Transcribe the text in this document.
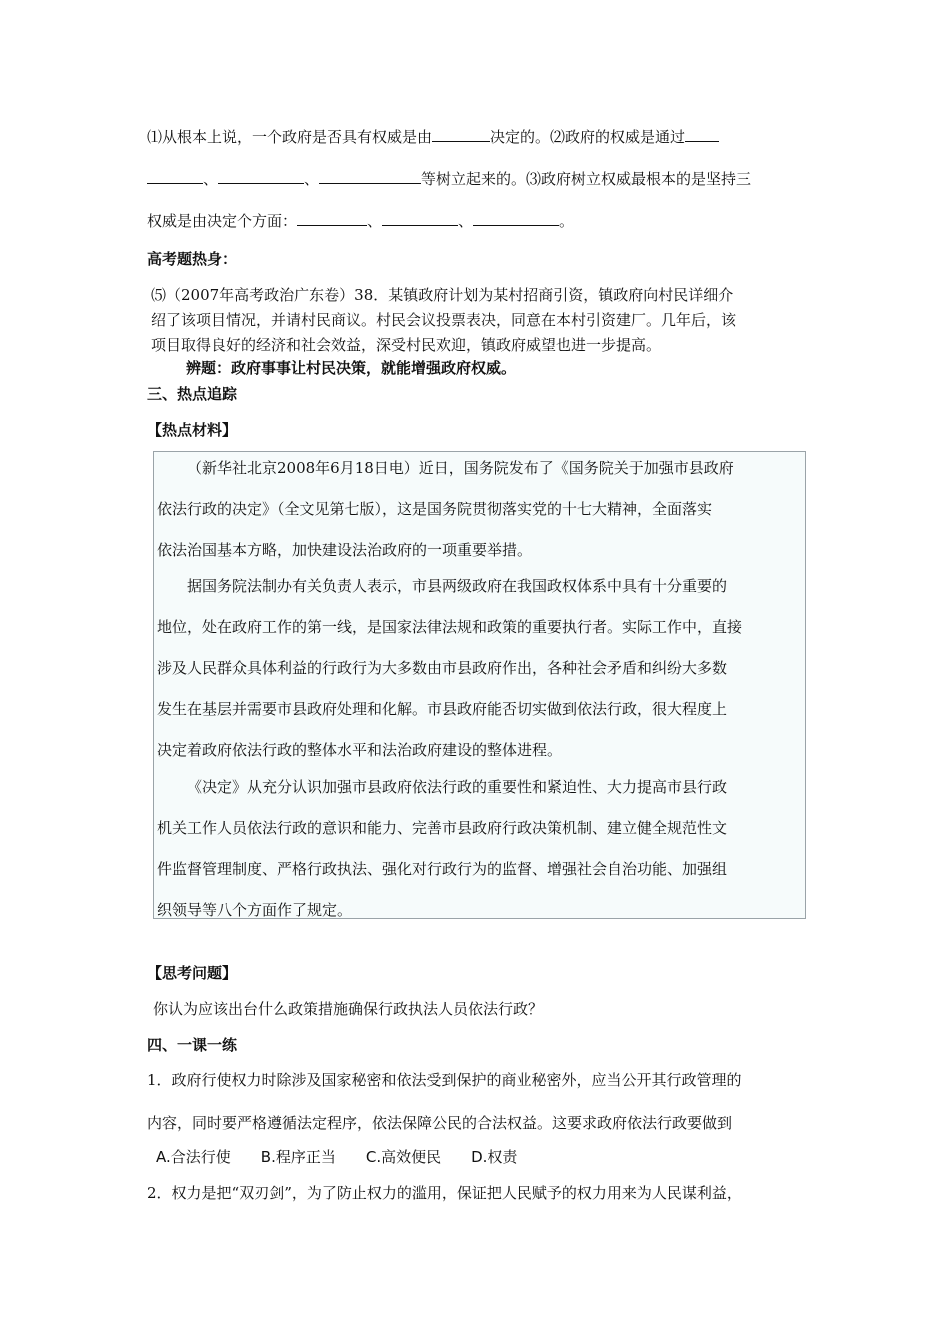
⑴从根本上说，一个政府是否具有权威是由	决定的。⑵政府的权威是通过
、	、	等树立起来的。⑶政府树立权威最根本的是坚持三
权威是由决定个方面：	、	、	。
高考题热身：
⑸（2007年高考政治广东卷）38．某镇政府计划为某村招商引资，镇政府向村民详细介
绍了该项目情况，并请村民商议。村民会议投票表决，同意在本村引资建厂。几年后，该
项目取得良好的经济和社会效益，深受村民欢迎，镇政府威望也进一步提高。
辨题：政府事事让村民决策，就能增强政府权威。
三、热点追踪
【热点材料】
（新华社北京2008年6月18日电）近日，国务院发布了《国务院关于加强市县政府
依法行政的决定》（全文见第七版），这是国务院贯彻落实党的十七大精神，全面落实
依法治国基本方略，加快建设法治政府的一项重要举措。
据国务院法制办有关负责人表示，市县两级政府在我国政权体系中具有十分重要的
地位，处在政府工作的第一线，是国家法律法规和政策的重要执行者。实际工作中，直接
涉及人民群众具体利益的行政行为大多数由市县政府作出，各种社会矛盾和纠纷大多数
发生在基层并需要市县政府处理和化解。市县政府能否切实做到依法行政，很大程度上
决定着政府依法行政的整体水平和法治政府建设的整体进程。
《决定》从充分认识加强市县政府依法行政的重要性和紧迫性、大力提高市县行政
机关工作人员依法行政的意识和能力、完善市县政府行政决策机制、建立健全规范性文
件监督管理制度、严格行政执法、强化对行政行为的监督、增强社会自治功能、加强组
织领导等八个方面作了规定。
【思考问题】
你认为应该出台什么政策措施确保行政执法人员依法行政？
四、一课一练
1．政府行使权力时除涉及国家秘密和依法受到保护的商业秘密外，应当公开其行政管理的
内容，同时要严格遵循法定程序，依法保障公民的合法权益。这要求政府依法行政要做到
A.合法行使 B.程序正当 C.高效便民 D.权责
2．权力是把“双刃剑”，为了防止权力的滥用，保证把人民赋予的权力用来为人民谋利益，
